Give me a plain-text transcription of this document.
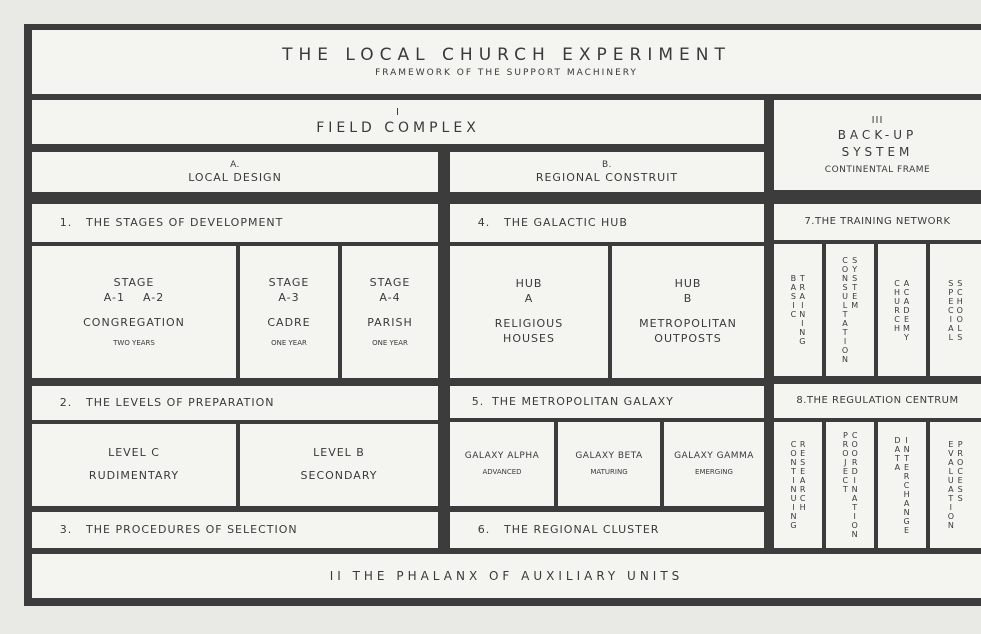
THE LOCAL CHURCH EXPERIMENT
FRAMEWORK OF THE SUPPORT MACHINERY
I
FIELD COMPLEX	III
BACK-UP
SYSTEM
CONTINENTAL FRAME
A.
LOCAL DESIGN
B.
REGIONAL CONSTRUIT
1.	THE STAGES OF DEVELOPMENT	4.	THE GALACTIC HUB	7.THE TRAINING NETWORK
STAGE
A-1 A-2
CONGREGATION
TWO YEARS
STAGE
A-3
CADRE
ONE YEAR
STAGE
A-4
PARISH
ONE YEAR
HUB
A
RELIGIOUS
HOUSES
HUB
B
METROPOLITAN
OUTPOSTS
B
A
S
I
C
T
R
A
I
N
I
N
G
C
O
N
S
U
L
T
A
T
I
O
N
S
Y
S
T
E
M
C
H
U
R
C
H
A
C
A
D
E
M
Y
S
P
E
C
I
A
L
S
C
H
O
O
L
S
2.	THE LEVELS OF PREPARATION	5. THE METROPOLITAN GALAXY	8.THE REGULATION CENTRUM
LEVEL C
RUDIMENTARY
LEVEL B
SECONDARY
GALAXY ALPHA
ADVANCED
GALAXY BETA
MATURING
GALAXY GAMMA
EMERGING
C
O
N
T
I
N
U
I
N
G
R
E
S
E
A
R
C
H
P
R
O
J
E
C
T
C
O
O
R
D
I
N
A
T
I
O
N
D
A
T
A
I
N
T
E
R
C
H
A
N
G
E
E
V
A
L
U
A
T
I
O
N
P
R
O
C
E
S
S
3.	THE PROCEDURES OF SELECTION	6.	THE REGIONAL CLUSTER
II THE PHALANX OF AUXILIARY UNITS
